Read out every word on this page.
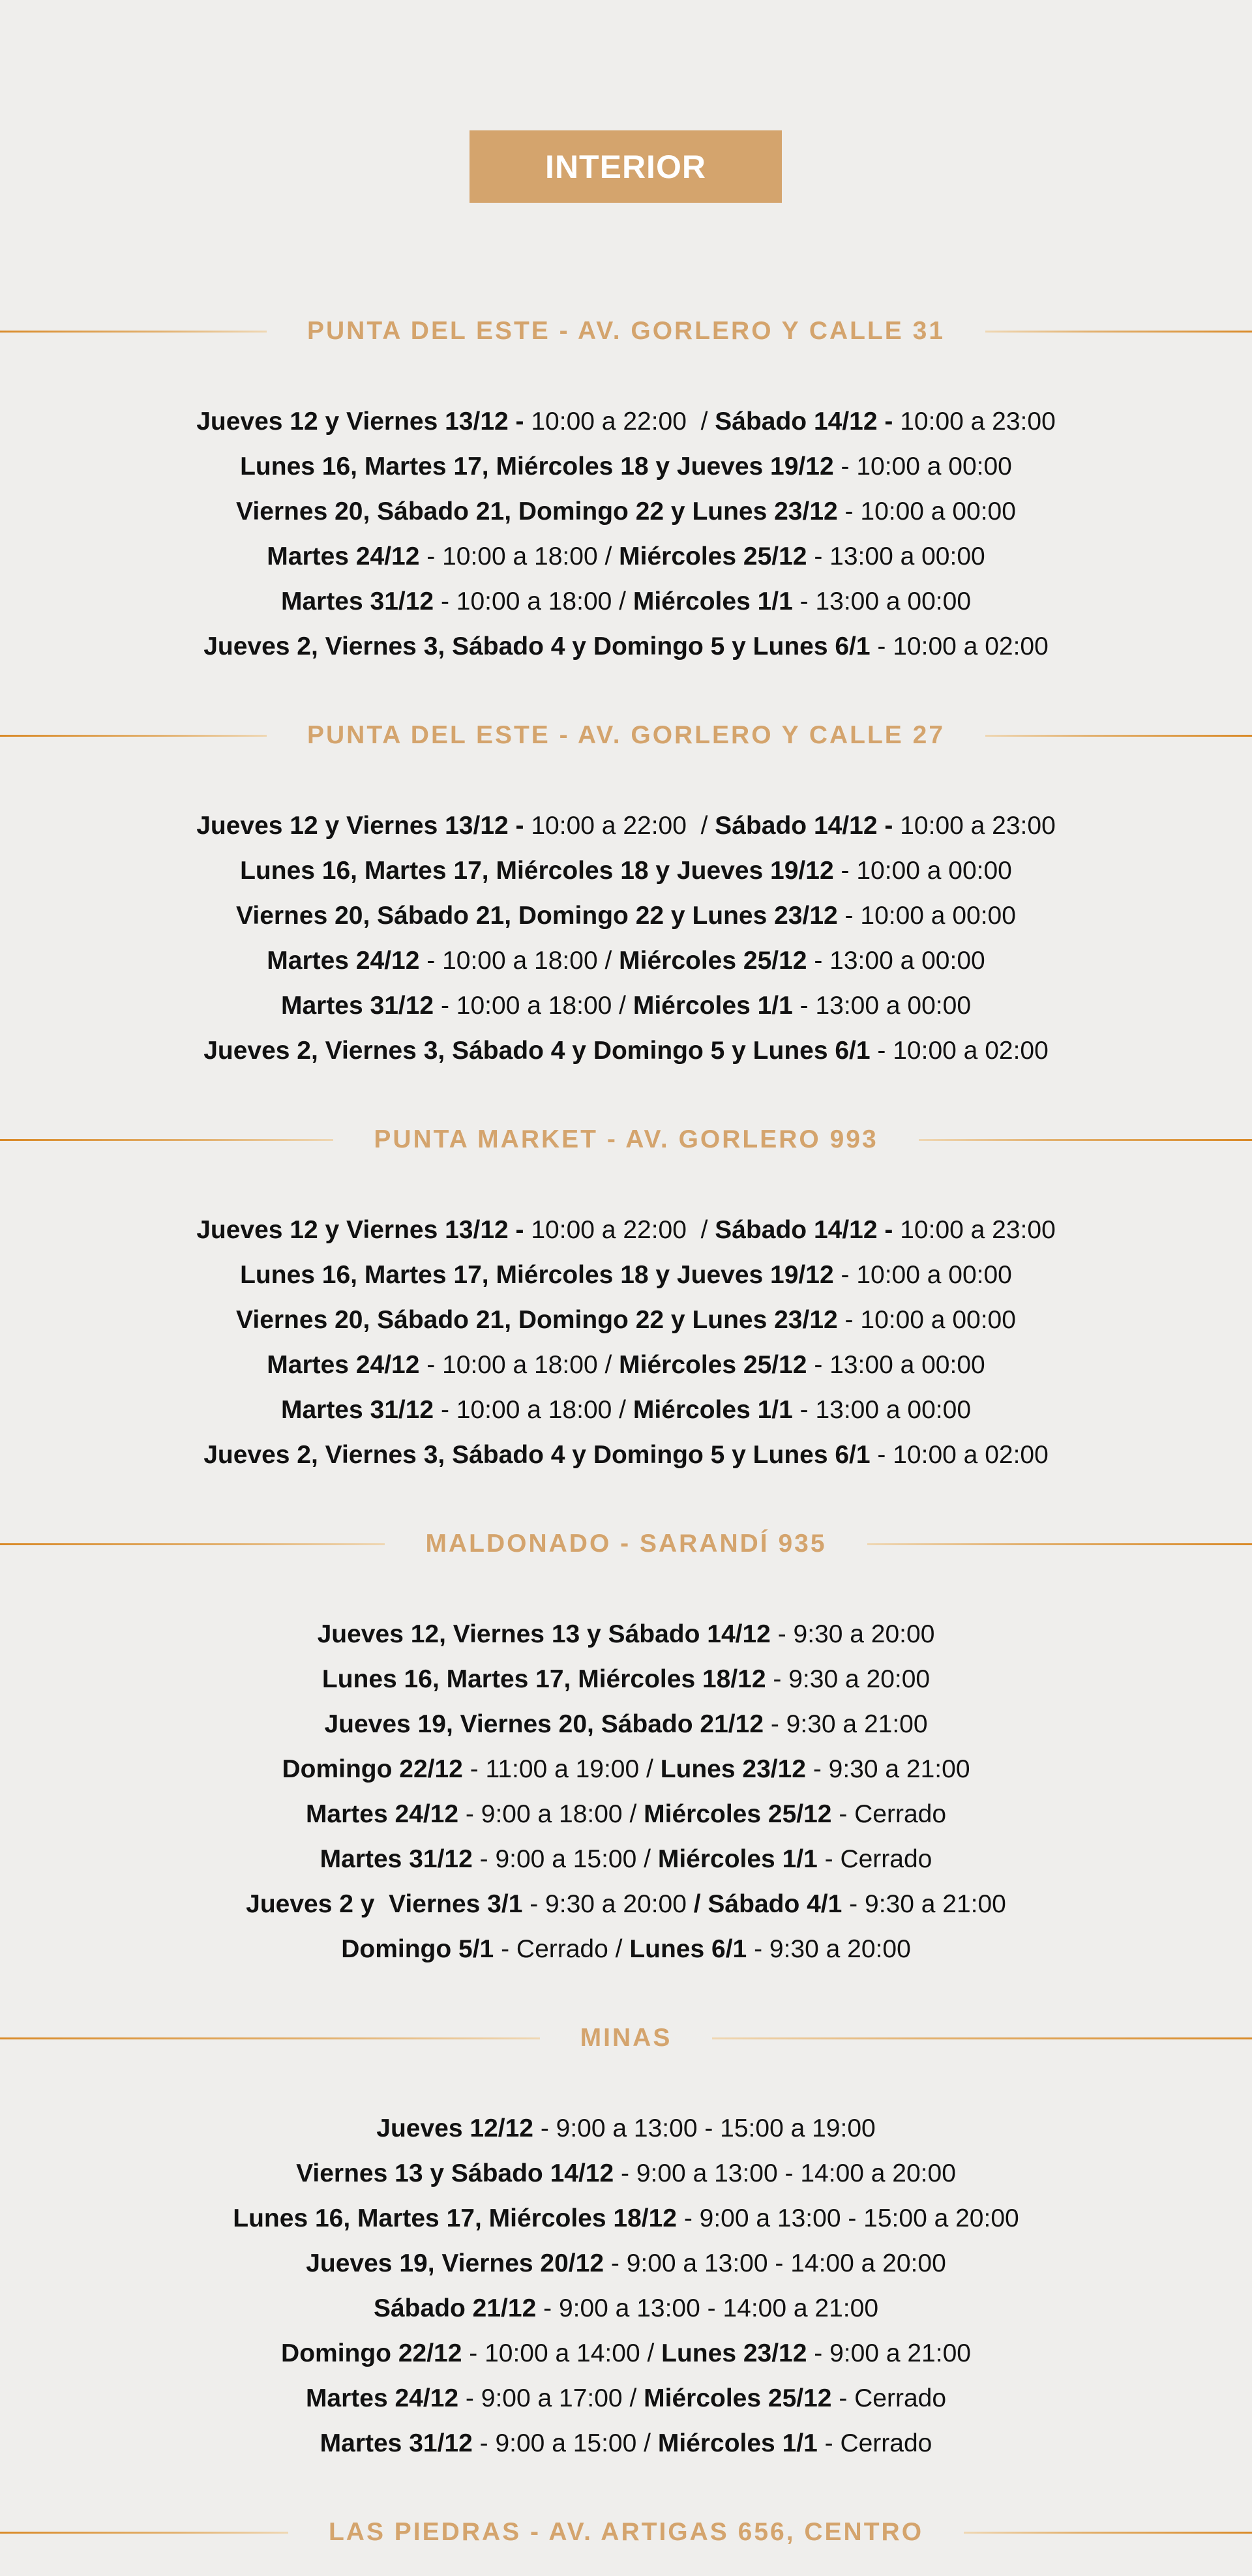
INTERIOR
PUNTA DEL ESTE - AV. GORLERO Y CALLE 31
Jueves 12 y Viernes 13/12 - 10:00 a 22:00  / Sábado 14/12 - 10:00 a 23:00
Lunes 16, Martes 17, Miércoles 18 y Jueves 19/12 - 10:00 a 00:00
Viernes 20, Sábado 21, Domingo 22 y Lunes 23/12 - 10:00 a 00:00
Martes 24/12 - 10:00 a 18:00 / Miércoles 25/12 - 13:00 a 00:00
Martes 31/12 - 10:00 a 18:00 / Miércoles 1/1 - 13:00 a 00:00
Jueves 2, Viernes 3, Sábado 4 y Domingo 5 y Lunes 6/1 - 10:00 a 02:00
PUNTA DEL ESTE - AV. GORLERO Y CALLE 27
Jueves 12 y Viernes 13/12 - 10:00 a 22:00  / Sábado 14/12 - 10:00 a 23:00
Lunes 16, Martes 17, Miércoles 18 y Jueves 19/12 - 10:00 a 00:00
Viernes 20, Sábado 21, Domingo 22 y Lunes 23/12 - 10:00 a 00:00
Martes 24/12 - 10:00 a 18:00 / Miércoles 25/12 - 13:00 a 00:00
Martes 31/12 - 10:00 a 18:00 / Miércoles 1/1 - 13:00 a 00:00
Jueves 2, Viernes 3, Sábado 4 y Domingo 5 y Lunes 6/1 - 10:00 a 02:00
PUNTA MARKET - AV. GORLERO 993
Jueves 12 y Viernes 13/12 - 10:00 a 22:00  / Sábado 14/12 - 10:00 a 23:00
Lunes 16, Martes 17, Miércoles 18 y Jueves 19/12 - 10:00 a 00:00
Viernes 20, Sábado 21, Domingo 22 y Lunes 23/12 - 10:00 a 00:00
Martes 24/12 - 10:00 a 18:00 / Miércoles 25/12 - 13:00 a 00:00
Martes 31/12 - 10:00 a 18:00 / Miércoles 1/1 - 13:00 a 00:00
Jueves 2, Viernes 3, Sábado 4 y Domingo 5 y Lunes 6/1 - 10:00 a 02:00
MALDONADO - SARANDÍ 935
Jueves 12, Viernes 13 y Sábado 14/12 - 9:30 a 20:00
Lunes 16, Martes 17, Miércoles 18/12 - 9:30 a 20:00
Jueves 19, Viernes 20, Sábado 21/12 - 9:30 a 21:00
Domingo 22/12 - 11:00 a 19:00 / Lunes 23/12 - 9:30 a 21:00
Martes 24/12 - 9:00 a 18:00 / Miércoles 25/12 - Cerrado
Martes 31/12 - 9:00 a 15:00 / Miércoles 1/1 - Cerrado
Jueves 2 y  Viernes 3/1 - 9:30 a 20:00 / Sábado 4/1 - 9:30 a 21:00
Domingo 5/1 - Cerrado / Lunes 6/1 - 9:30 a 20:00
MINAS
Jueves 12/12 - 9:00 a 13:00 - 15:00 a 19:00
Viernes 13 y Sábado 14/12 - 9:00 a 13:00 - 14:00 a 20:00
Lunes 16, Martes 17, Miércoles 18/12 - 9:00 a 13:00 - 15:00 a 20:00
Jueves 19, Viernes 20/12 - 9:00 a 13:00 - 14:00 a 20:00
Sábado 21/12 - 9:00 a 13:00 - 14:00 a 21:00
Domingo 22/12 - 10:00 a 14:00 / Lunes 23/12 - 9:00 a 21:00
Martes 24/12 - 9:00 a 17:00 / Miércoles 25/12 - Cerrado
Martes 31/12 - 9:00 a 15:00 / Miércoles 1/1 - Cerrado
LAS PIEDRAS - AV. ARTIGAS 656, CENTRO
